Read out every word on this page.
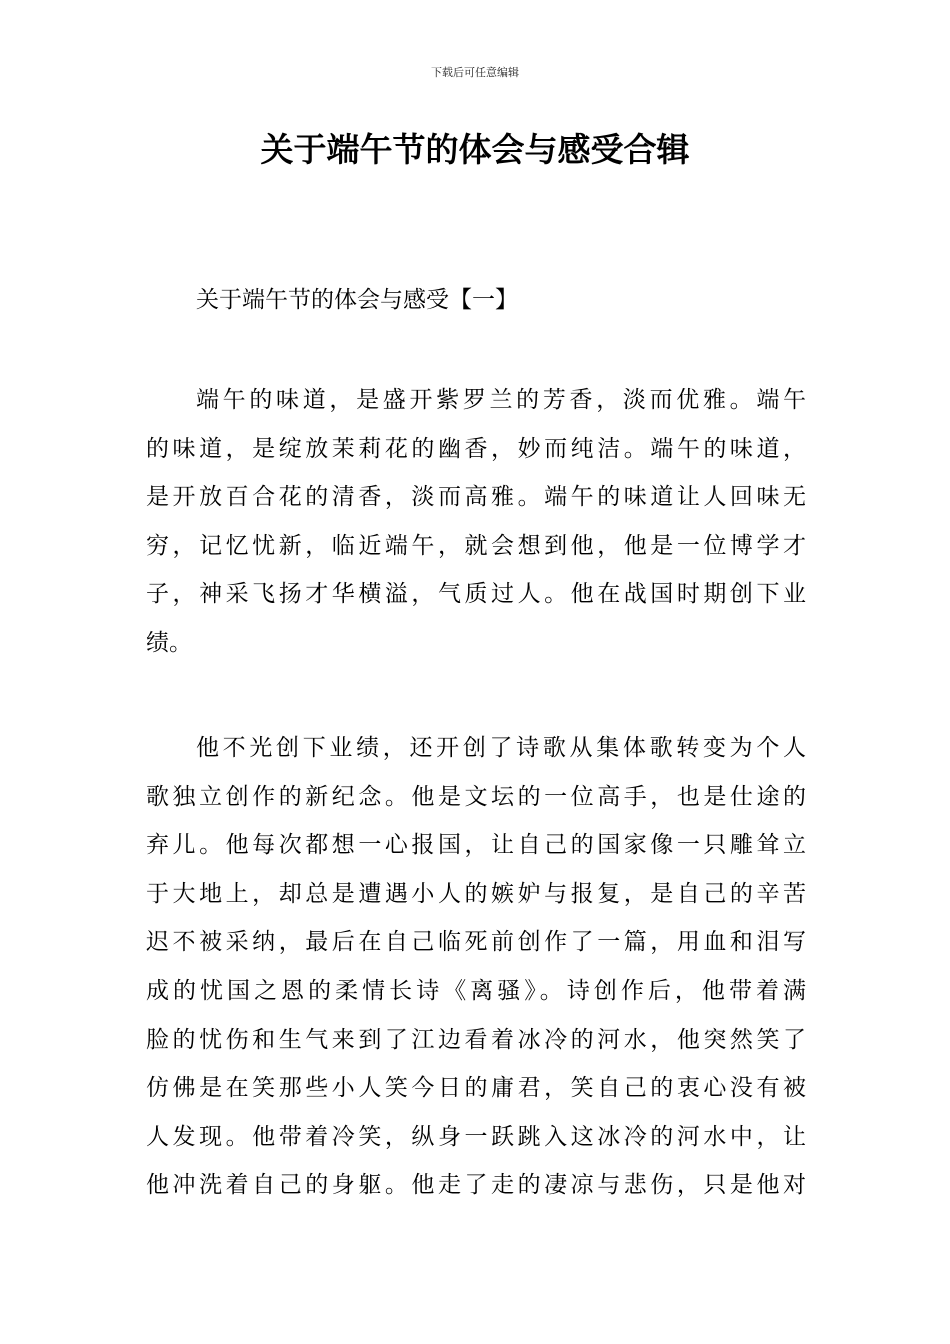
下载后可任意编辑
关于端午节的体会与感受合辑
关于端午节的体会与感受【一】
端午的味道，是盛开紫罗兰的芳香，淡而优雅。端午
的味道，是绽放茉莉花的幽香，妙而纯洁。端午的味道，
是开放百合花的清香，淡而高雅。端午的味道让人回味无
穷，记忆忧新，临近端午，就会想到他，他是一位博学才
子，神采飞扬才华横溢，气质过人。他在战国时期创下业
绩。
他不光创下业绩，还开创了诗歌从集体歌转变为个人
歌独立创作的新纪念。他是文坛的一位高手，也是仕途的
弃儿。他每次都想一心报国，让自己的国家像一只雕耸立
于大地上，却总是遭遇小人的嫉妒与报复，是自己的辛苦
迟不被采纳，最后在自己临死前创作了一篇，用血和泪写
成的忧国之恩的柔情长诗《离骚》。诗创作后，他带着满
脸的忧伤和生气来到了江边看着冰冷的河水，他突然笑了
仿佛是在笑那些小人笑今日的庸君，笑自己的衷心没有被
人发现。他带着冷笑，纵身一跃跳入这冰冷的河水中，让
他冲洗着自己的身躯。他走了走的凄凉与悲伤，只是他对
